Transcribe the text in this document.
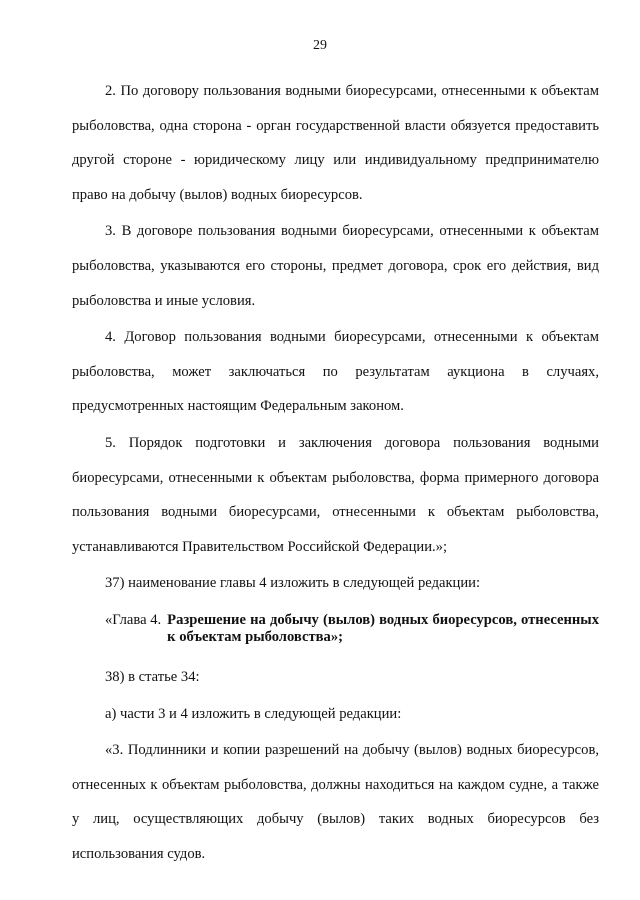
29

2. По договору пользования водными биоресурсами, отнесенными к объектам рыболовства, одна сторона - орган государственной власти обязуется предоставить другой стороне - юридическому лицу или индивидуальному предпринимателю право на добычу (вылов) водных биоресурсов.

3. В договоре пользования водными биоресурсами, отнесенными к объектам рыболовства, указываются его стороны, предмет договора, срок его действия, вид рыболовства и иные условия.

4. Договор пользования водными биоресурсами, отнесенными к объектам рыболовства, может заключаться по результатам аукциона в случаях, предусмотренных настоящим Федеральным законом.

5. Порядок подготовки и заключения договора пользования водными биоресурсами, отнесенными к объектам рыболовства, форма примерного договора пользования водными биоресурсами, отнесенными к объектам рыболовства, устанавливаются Правительством Российской Федерации.»;

37) наименование главы 4 изложить в следующей редакции:

«Глава 4. Разрешение на добычу (вылов) водных биоресурсов, отнесенных к объектам рыболовства»;

38) в статье 34:

а) части 3 и 4 изложить в следующей редакции:

«3. Подлинники и копии разрешений на добычу (вылов) водных биоресурсов, отнесенных к объектам рыболовства, должны находиться на каждом судне, а также у лиц, осуществляющих добычу (вылов) таких водных биоресурсов без использования судов.
